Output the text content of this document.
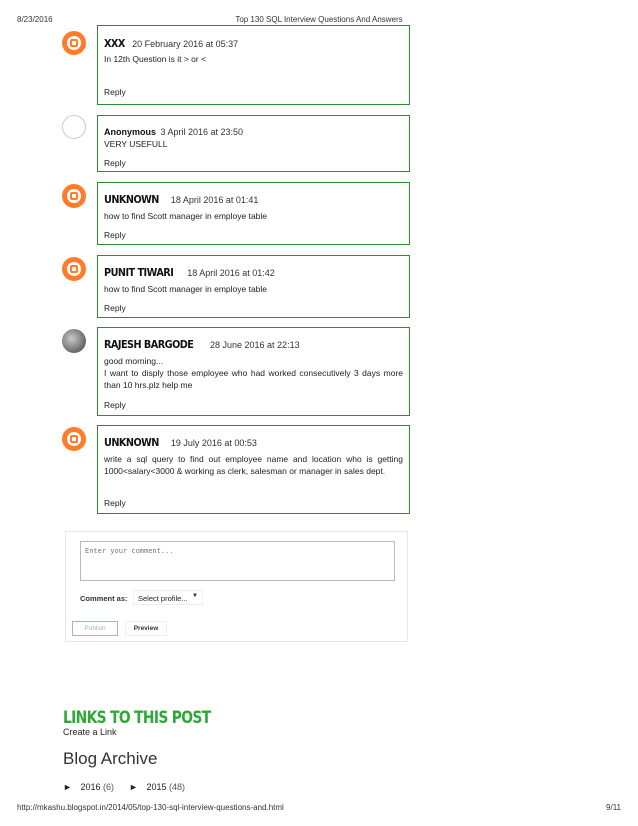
8/23/2016	Top 130 SQL Interview Questions And Answers
XXX 20 February 2016 at 05:37
In 12th Question is it > or <
Reply
Anonymous 3 April 2016 at 23:50
VERY USEFULL
Reply
UNKNOWN 18 April 2016 at 01:41
how to find Scott manager in employe table
Reply
PUNIT TIWARI 18 April 2016 at 01:42
how to find Scott manager in employe table
Reply
RAJESH BARGODE 28 June 2016 at 22:13
good morning...
I want to disply those employee who had worked consecutively 3 days more than 10 hrs.plz help me
Reply
UNKNOWN 19 July 2016 at 00:53
write a sql query to find out employee name and location who is getting 1000<salary<3000 & working as clerk, salesman or manager in sales dept.
Reply
Enter your comment...
Comment as:	Select profile... ▼
Publish	Preview
LINKS TO THIS POST
Create a Link
Blog Archive
► 2016 (6) ► 2015 (48)
http://mkashu.blogspot.in/2014/05/top-130-sql-interview-questions-and.html	9/11
